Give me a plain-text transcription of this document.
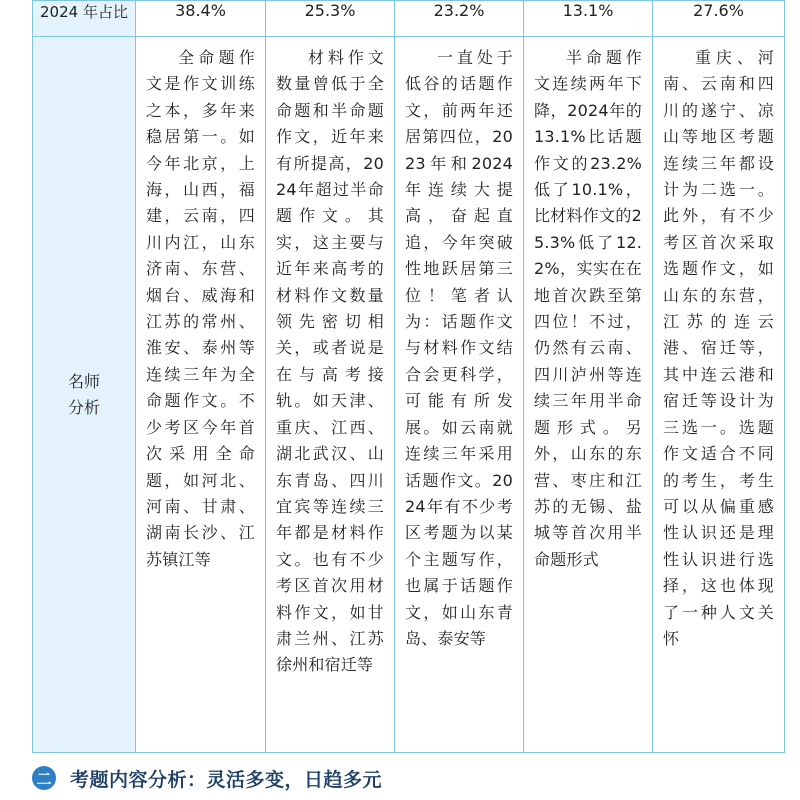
2024 年占比	38.4%	25.3%	23.2%	13.1%	27.6%

名师分析	全命题作文是作文训练之本，多年来稳居第一。如今年北京，上海，山西，福建，云南，四川内江，山东济南、东营、烟台、威海和江苏的常州、淮安、泰州等连续三年为全命题作文。不少考区今年首次采用全命题，如河北、河南、甘肃、湖南长沙、江苏镇江等	材料作文数量曾低于全命题和半命题作文，近年来有所提高，2024年超过半命题作文。其实，这主要与近年来高考的材料作文数量领先密切相关，或者说是在与高考接轨。如天津、重庆、江西、湖北武汉、山东青岛、四川宜宾等连续三年都是材料作文。也有不少考区首次用材料作文，如甘肃兰州、江苏徐州和宿迁等	一直处于低谷的话题作文，前两年还居第四位，2023年和2024年连续大提高，奋起直追，今年突破性地跃居第三位！笔者认为：话题作文与材料作文结合会更科学，可能有所发展。如云南就连续三年采用话题作文。2024年有不少考区考题为以某个主题写作，也属于话题作文，如山东青岛、泰安等	半命题作文连续两年下降，2024年的13.1%比话题作文的23.2%低了10.1%，比材料作文的25.3%低了12.2%，实实在在地首次跌至第四位！不过，仍然有云南、四川泸州等连续三年用半命题形式。另外，山东的东营、枣庄和江苏的无锡、盐城等首次用半命题形式	重庆、河南、云南和四川的遂宁、凉山等地区考题连续三年都设计为二选一。此外，有不少考区首次采取选题作文，如山东的东营，江苏的连云港、宿迁等，其中连云港和宿迁等设计为三选一。选题作文适合不同的考生，考生可以从偏重感性认识还是理性认识进行选择，这也体现了一种人文关怀
二 考题内容分析：灵活多变，日趋多元
